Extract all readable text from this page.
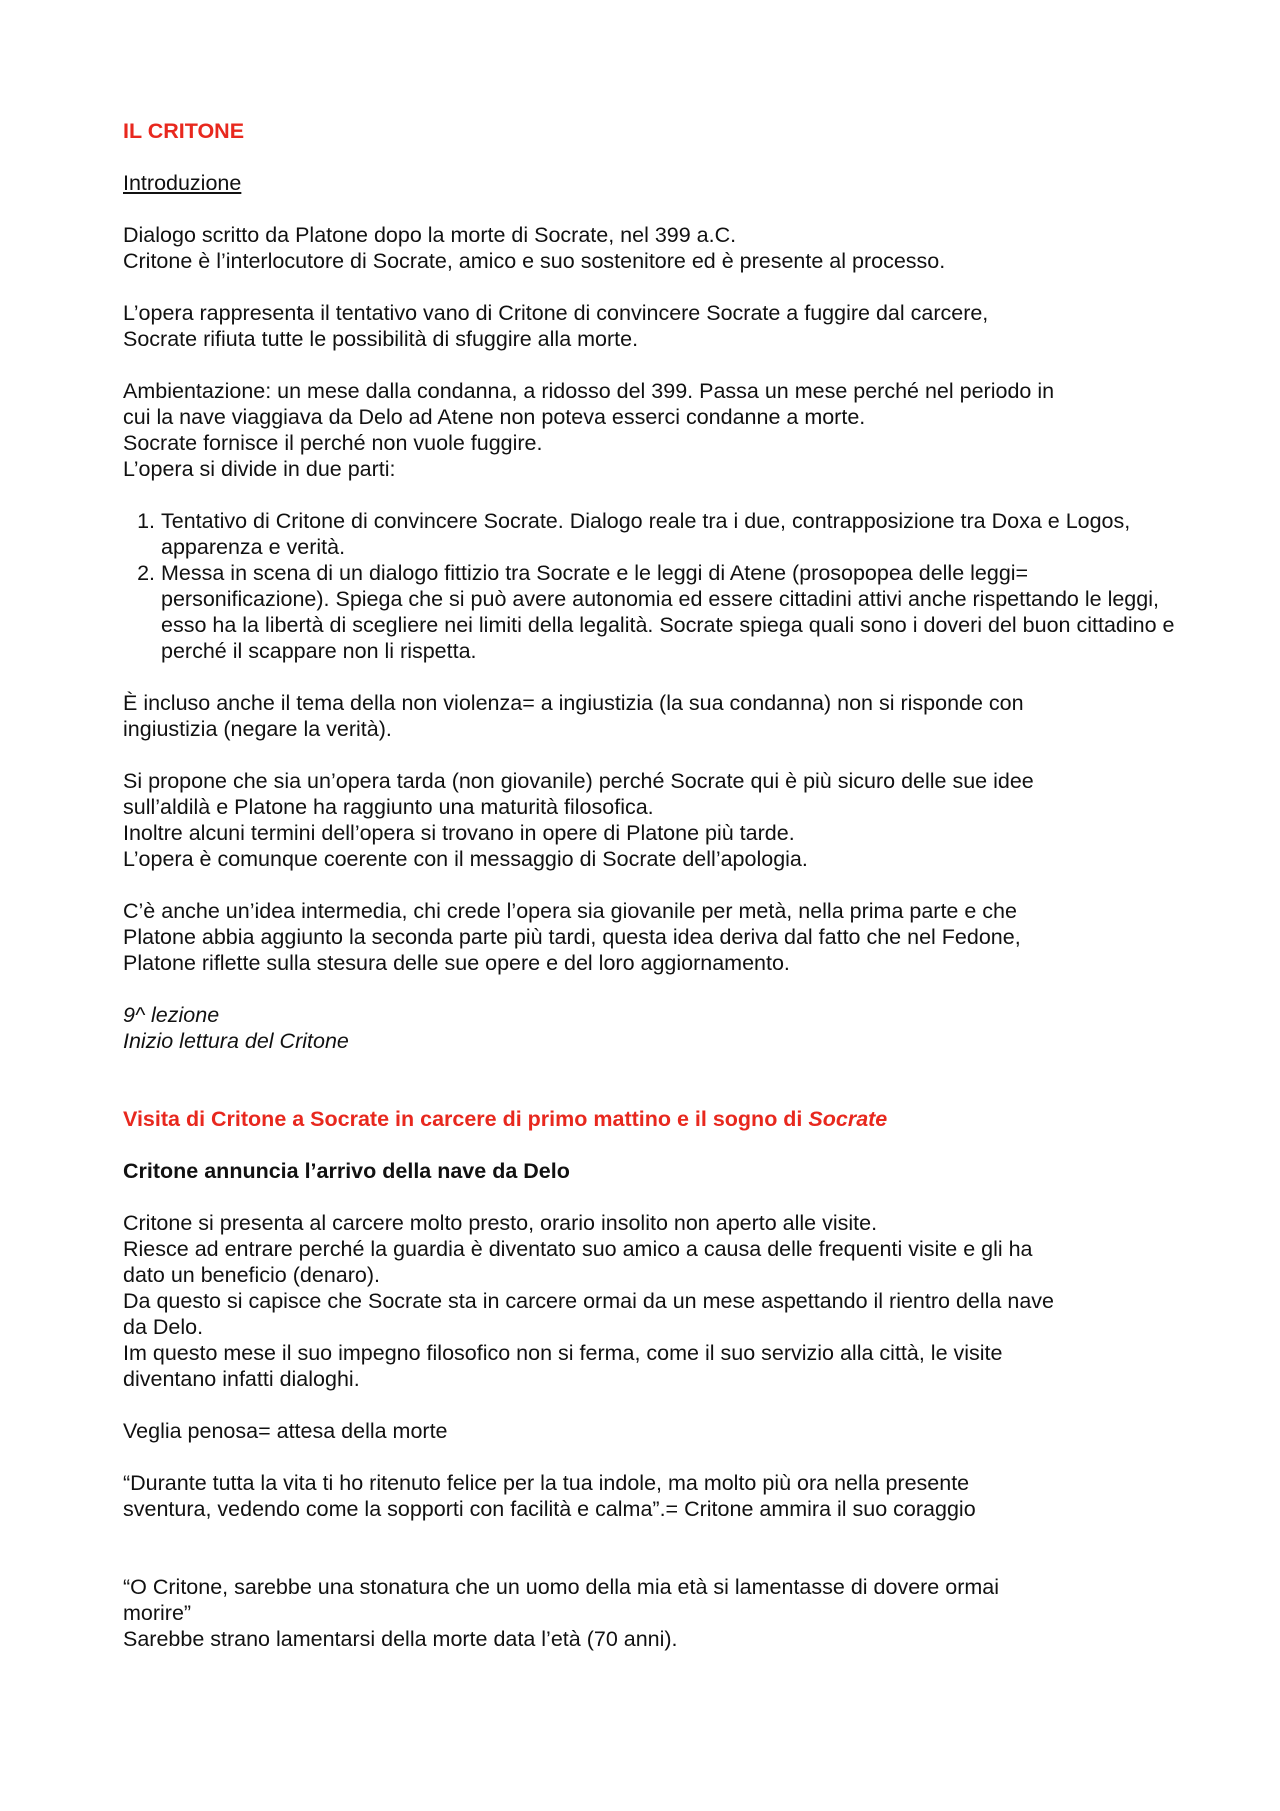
IL CRITONE

Introduzione

Dialogo scritto da Platone dopo la morte di Socrate, nel 399 a.C.

Critone è l’interlocutore di Socrate, amico e suo sostenitore ed è presente al processo.

L’opera rappresenta il tentativo vano di Critone di convincere Socrate a fuggire dal carcere,

Socrate rifiuta tutte le possibilità di sfuggire alla morte.

Ambientazione: un mese dalla condanna, a ridosso del 399. Passa un mese perché nel periodo in

cui la nave viaggiava da Delo ad Atene non poteva esserci condanne a morte.

Socrate fornisce il perché non vuole fuggire.

L’opera si divide in due parti:

1. Tentativo di Critone di convincere Socrate. Dialogo reale tra i due, contrapposizione tra Doxa e Logos, apparenza e verità.
2. Messa in scena di un dialogo fittizio tra Socrate e le leggi di Atene (prosopopea delle leggi= personificazione). Spiega che si può avere autonomia ed essere cittadini attivi anche rispettando le leggi, esso ha la libertà di scegliere nei limiti della legalità. Socrate spiega quali sono i doveri del buon cittadino e perché il scappare non li rispetta.

È incluso anche il tema della non violenza= a ingiustizia (la sua condanna) non si risponde con

ingiustizia (negare la verità).

Si propone che sia un’opera tarda (non giovanile) perché Socrate qui è più sicuro delle sue idee

sull’aldilà e Platone ha raggiunto una maturità filosofica.

Inoltre alcuni termini dell’opera si trovano in opere di Platone più tarde.

L’opera è comunque coerente con il messaggio di Socrate dell’apologia.

C’è anche un’idea intermedia, chi crede l’opera sia giovanile per metà, nella prima parte e che

Platone abbia aggiunto la seconda parte più tardi, questa idea deriva dal fatto che nel Fedone,

Platone riflette sulla stesura delle sue opere e del loro aggiornamento.

9^ lezione

Inizio lettura del Critone

Visita di Critone a Socrate in carcere di primo mattino e il sogno di Socrate

Critone annuncia l’arrivo della nave da Delo

Critone si presenta al carcere molto presto, orario insolito non aperto alle visite.

Riesce ad entrare perché la guardia è diventato suo amico a causa delle frequenti visite e gli ha

dato un beneficio (denaro).

Da questo si capisce che Socrate sta in carcere ormai da un mese aspettando il rientro della nave

da Delo.

Im questo mese il suo impegno filosofico non si ferma, come il suo servizio alla città, le visite

diventano infatti dialoghi.

Veglia penosa= attesa della morte

“Durante tutta la vita ti ho ritenuto felice per la tua indole, ma molto più ora nella presente

sventura, vedendo come la sopporti con facilità e calma”.= Critone ammira il suo coraggio

“O Critone, sarebbe una stonatura che un uomo della mia età si lamentasse di dovere ormai

morire”

Sarebbe strano lamentarsi della morte data l’età (70 anni).
